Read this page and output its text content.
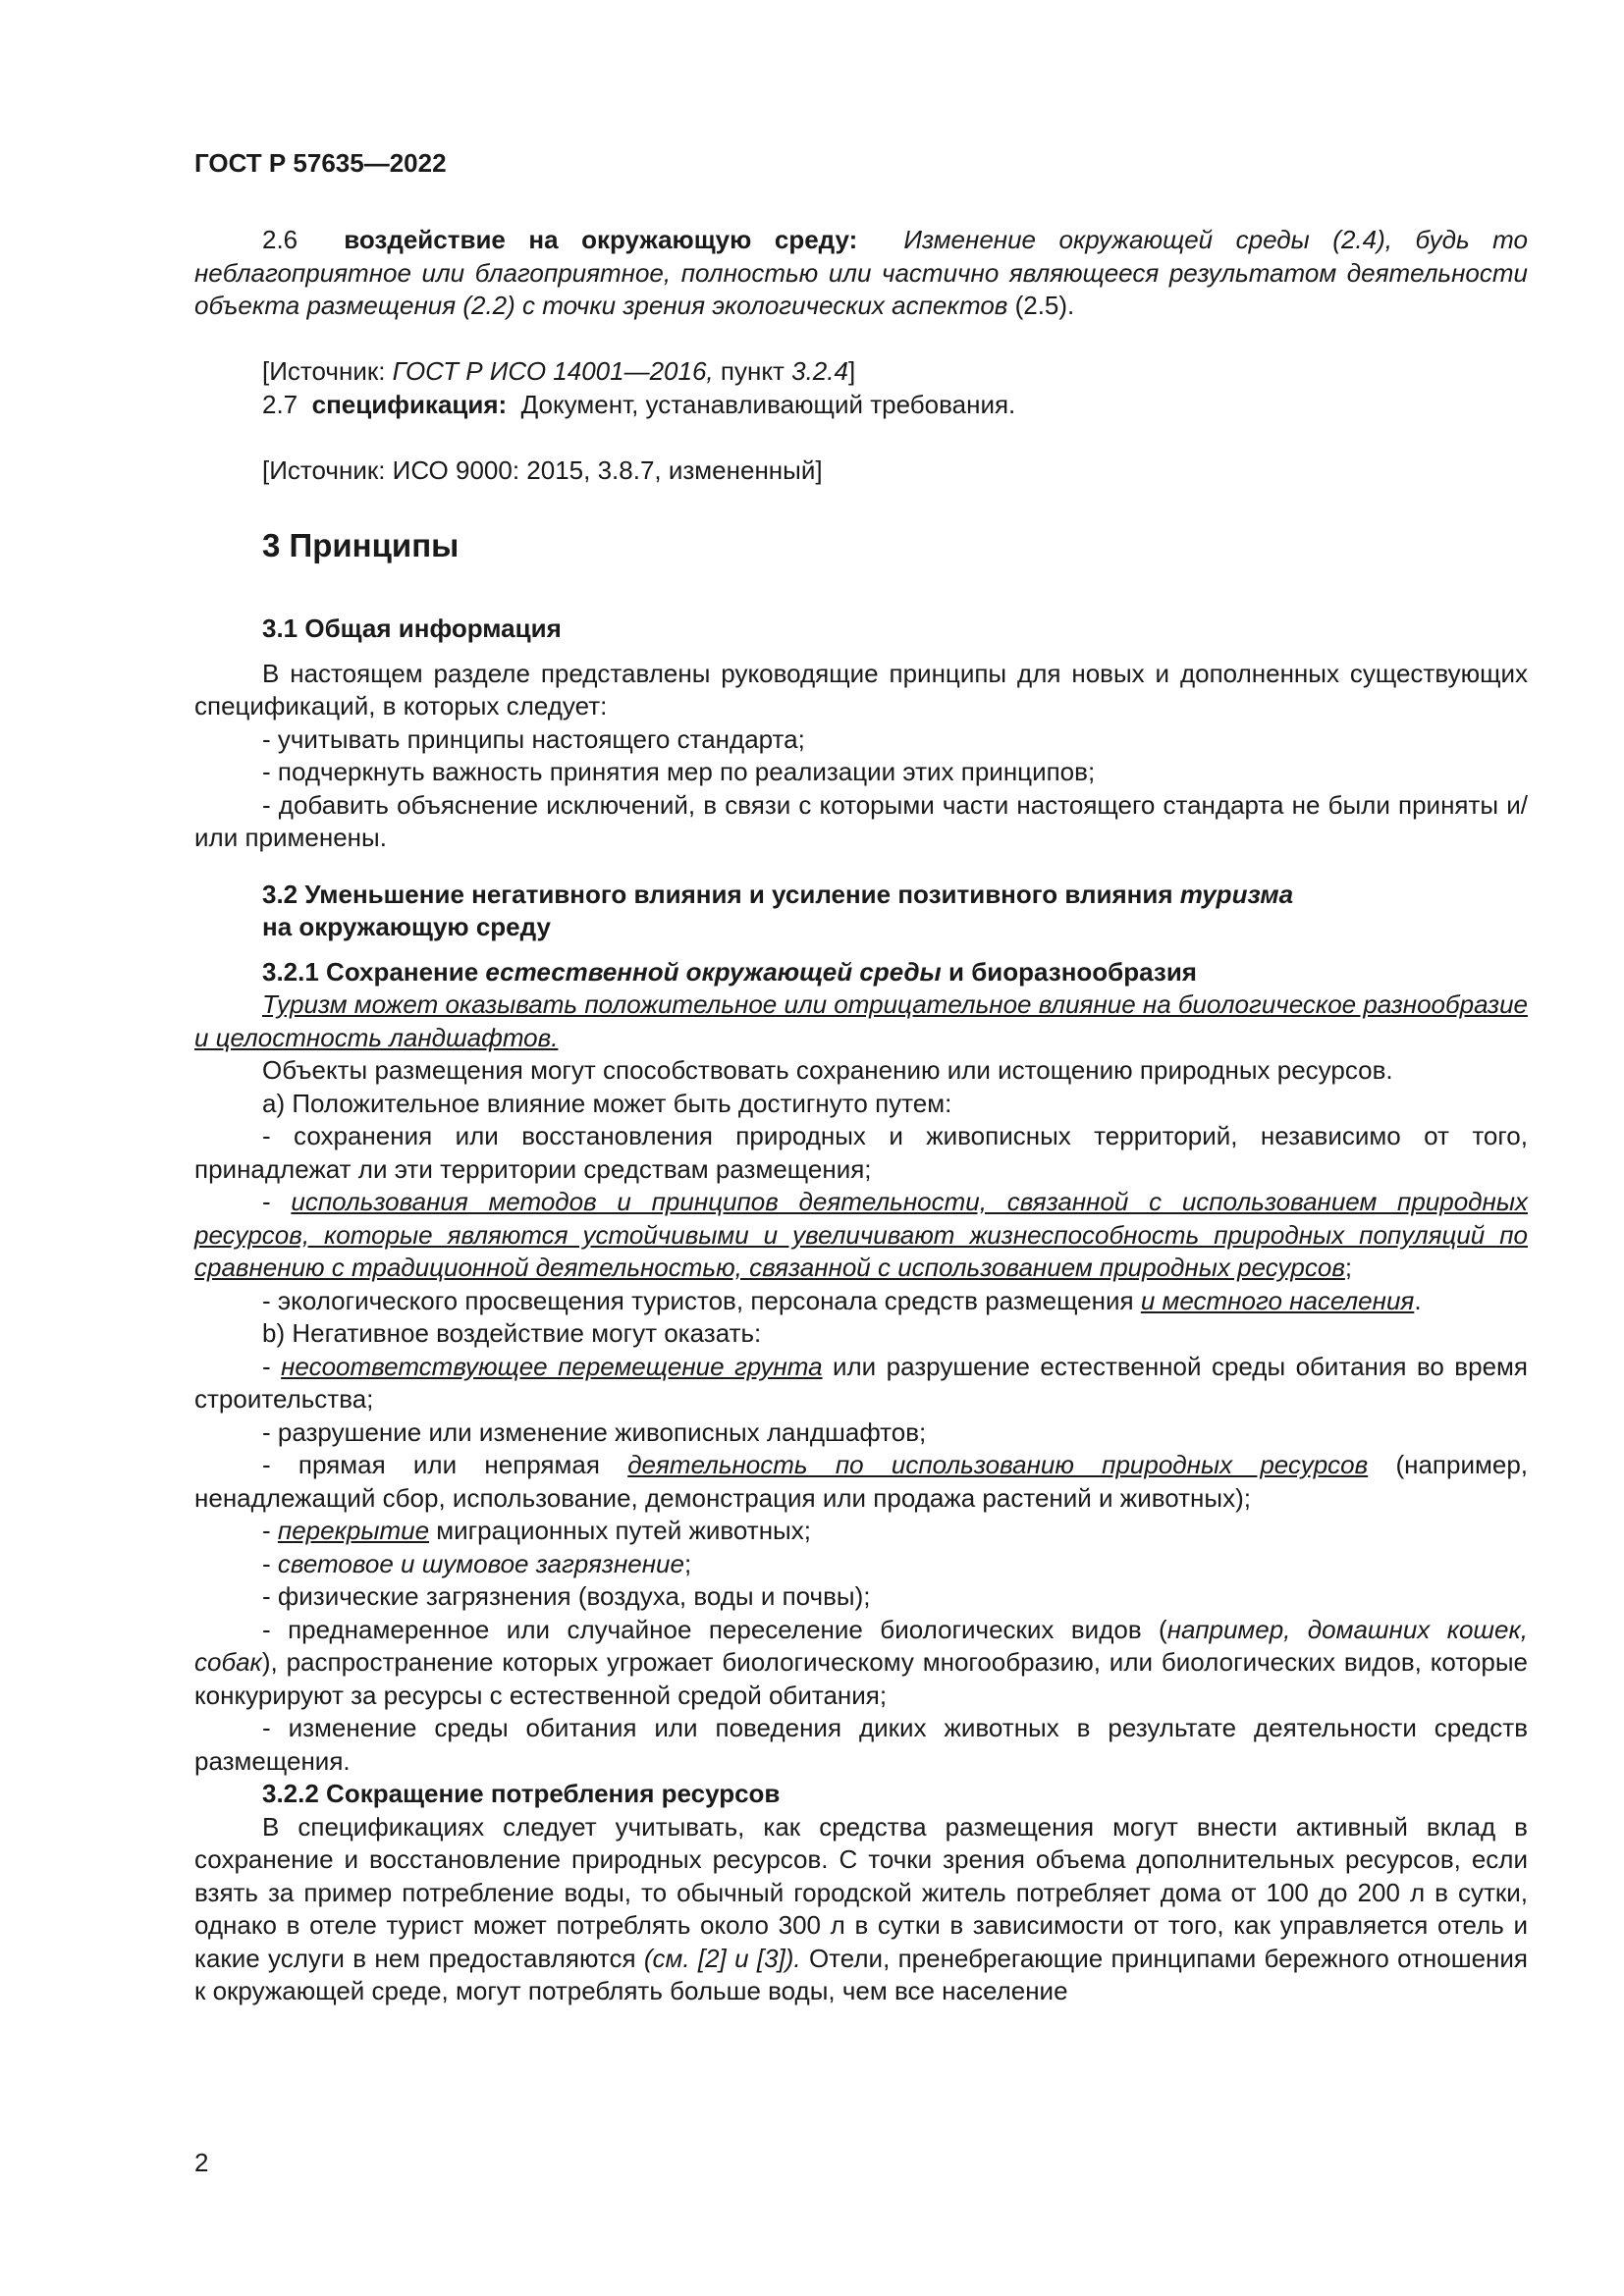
ГОСТ Р 57635—2022

2.6 воздействие на окружающую среду: Изменение окружающей среды (2.4), будь то неблагоприятное или благоприятное, полностью или частично являющееся результатом деятельности объекта размещения (2.2) с точки зрения экологических аспектов (2.5).

[Источник: ГОСТ Р ИСО 14001—2016, пункт 3.2.4]

2.7 спецификация: Документ, устанавливающий требования.

[Источник: ИСО 9000: 2015, 3.8.7, измененный]

3 Принципы
3.1 Общая информация

В настоящем разделе представлены руководящие принципы для новых и дополненных существующих спецификаций, в которых следует:

- учитывать принципы настоящего стандарта;

- подчеркнуть важность принятия мер по реализации этих принципов;

- добавить объяснение исключений, в связи с которыми части настоящего стандарта не были приняты и/или применены.

3.2 Уменьшение негативного влияния и усиление позитивного влияния туризма
на окружающую среду
3.2.1 Сохранение естественной окружающей среды и биоразнообразия

Туризм может оказывать положительное или отрицательное влияние на биологическое разнообразие и целостность ландшафтов.

Объекты размещения могут способствовать сохранению или истощению природных ресурсов.

a) Положительное влияние может быть достигнуто путем:

- сохранения или восстановления природных и живописных территорий, независимо от того, принадлежат ли эти территории средствам размещения;

- использования методов и принципов деятельности, связанной с использованием природных ресурсов, которые являются устойчивыми и увеличивают жизнеспособность природных популяций по сравнению с традиционной деятельностью, связанной с использованием природных ресурсов;

- экологического просвещения туристов, персонала средств размещения и местного населения.

b) Негативное воздействие могут оказать:

- несоответствующее перемещение грунта или разрушение естественной среды обитания во время строительства;

- разрушение или изменение живописных ландшафтов;

- прямая или непрямая деятельность по использованию природных ресурсов (например, ненадлежащий сбор, использование, демонстрация или продажа растений и животных);

- перекрытие миграционных путей животных;

- световое и шумовое загрязнение;

- физические загрязнения (воздуха, воды и почвы);

- преднамеренное или случайное переселение биологических видов (например, домашних кошек, собак), распространение которых угрожает биологическому многообразию, или биологических видов, которые конкурируют за ресурсы с естественной средой обитания;

- изменение среды обитания или поведения диких животных в результате деятельности средств размещения.

3.2.2 Сокращение потребления ресурсов

В спецификациях следует учитывать, как средства размещения могут внести активный вклад в сохранение и восстановление природных ресурсов. С точки зрения объема дополнительных ресурсов, если взять за пример потребление воды, то обычный городской житель потребляет дома от 100 до 200 л в сутки, однако в отеле турист может потреблять около 300 л в сутки в зависимости от того, как управляется отель и какие услуги в нем предоставляются (см. [2] и [3]). Отели, пренебрегающие принципами бережного отношения к окружающей среде, могут потреблять больше воды, чем все население

2
